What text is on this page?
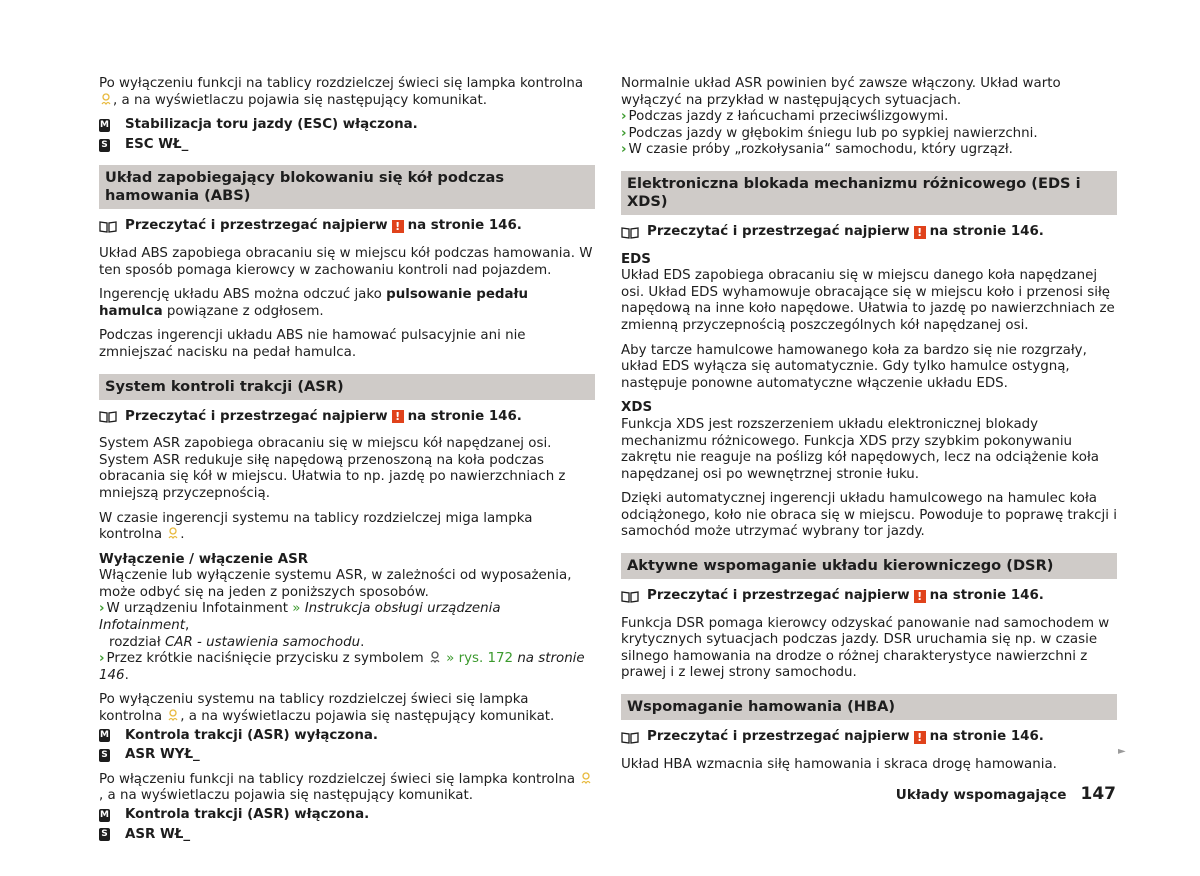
Po wyłączeniu funkcji na tablicy rozdzielczej świeci się lampka kontrolna , a na wyświetlaczu pojawia się następujący komunikat.

M Stabilizacja toru jazdy (ESC) włączona.
S ESC WŁ_
Układ zapobiegający blokowaniu się kół podczas hamowania (ABS)
Przeczytać i przestrzegać najpierw ! na stronie 146.

Układ ABS zapobiega obracaniu się w miejscu kół podczas hamowania. W ten sposób pomaga kierowcy w zachowaniu kontroli nad pojazdem.

Ingerencję układu ABS można odczuć jako pulsowanie pedału hamulca powiązane z odgłosem.

Podczas ingerencji układu ABS nie hamować pulsacyjnie ani nie zmniejszać nacisku na pedał hamulca.

System kontroli trakcji (ASR)
Przeczytać i przestrzegać najpierw ! na stronie 146.

System ASR zapobiega obracaniu się w miejscu kół napędzanej osi. System ASR redukuje siłę napędową przenoszoną na koła podczas obracania się kół w miejscu. Ułatwia to np. jazdę po nawierzchniach z mniejszą przyczepnością.

W czasie ingerencji systemu na tablicy rozdzielczej miga lampka kontrolna .

Wyłączenie / włączenie ASR

Włączenie lub wyłączenie systemu ASR, w zależności od wyposażenia, może odbyć się na jeden z poniższych sposobów.

› W urządzeniu Infotainment » Instrukcja obsługi urządzenia Infotainment,

rozdział CAR - ustawienia samochodu.

› Przez krótkie naciśnięcie przycisku z symbolem  » rys. 172 na stronie 146.

Po wyłączeniu systemu na tablicy rozdzielczej świeci się lampka kontrolna , a na wyświetlaczu pojawia się następujący komunikat.

M Kontrola trakcji (ASR) wyłączona.
S ASR WYŁ_

Po włączeniu funkcji na tablicy rozdzielczej świeci się lampka kontrolna , a na wyświetlaczu pojawia się następujący komunikat.

M Kontrola trakcji (ASR) włączona.
S ASR WŁ_

Normalnie układ ASR powinien być zawsze włączony. Układ warto wyłączyć na przykład w następujących sytuacjach.

› Podczas jazdy z łańcuchami przeciwślizgowymi.

› Podczas jazdy w głębokim śniegu lub po sypkiej nawierzchni.

› W czasie próby „rozkołysania“ samochodu, który ugrzązł.

Elektroniczna blokada mechanizmu różnicowego (EDS i XDS)
Przeczytać i przestrzegać najpierw ! na stronie 146.

EDS

Układ EDS zapobiega obracaniu się w miejscu danego koła napędzanej osi. Układ EDS wyhamowuje obracające się w miejscu koło i przenosi siłę napędową na inne koło napędowe. Ułatwia to jazdę po nawierzchniach ze zmienną przyczepnością poszczególnych kół napędzanej osi.

Aby tarcze hamulcowe hamowanego koła za bardzo się nie rozgrzały, układ EDS wyłącza się automatycznie. Gdy tylko hamulce ostygną, następuje ponowne automatyczne włączenie układu EDS.

XDS

Funkcja XDS jest rozszerzeniem układu elektronicznej blokady mechanizmu różnicowego. Funkcja XDS przy szybkim pokonywaniu zakrętu nie reaguje na poślizg kół napędowych, lecz na odciążenie koła napędzanej osi po wewnętrznej stronie łuku.

Dzięki automatycznej ingerencji układu hamulcowego na hamulec koła odciążonego, koło nie obraca się w miejscu. Powoduje to poprawę trakcji i samochód może utrzymać wybrany tor jazdy.

Aktywne wspomaganie układu kierowniczego (DSR)
Przeczytać i przestrzegać najpierw ! na stronie 146.

Funkcja DSR pomaga kierowcy odzyskać panowanie nad samochodem w krytycznych sytuacjach podczas jazdy. DSR uruchamia się np. w czasie silnego hamowania na drodze o różnej charakterystyce nawierzchni z prawej i z lewej strony samochodu.

Wspomaganie hamowania (HBA)
Przeczytać i przestrzegać najpierw ! na stronie 146.

Układ HBA wzmacnia siłę hamowania i skraca drogę hamowania.

►
Układy wspomagające 147
